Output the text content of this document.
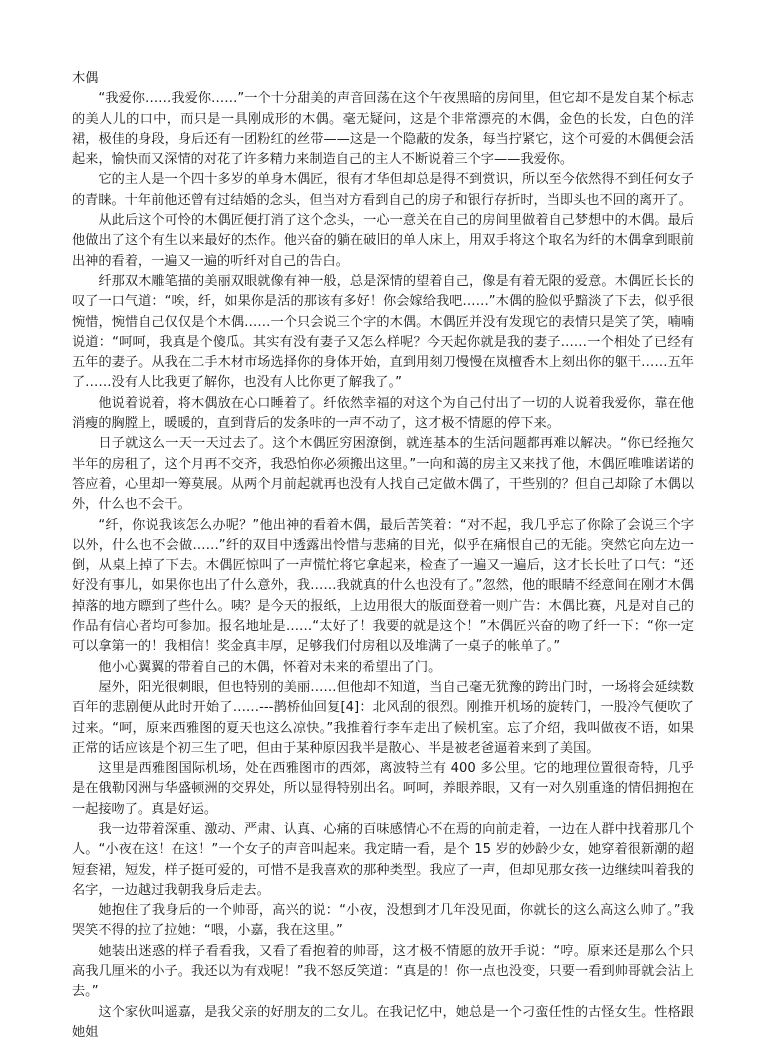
木偶

“我爱你……我爱你……”一个十分甜美的声音回荡在这个午夜黑暗的房间里，但它却不是发自某个标志的美人儿的口中，而只是一具刚成形的木偶。毫无疑问，这是个非常漂亮的木偶，金色的长发，白色的洋裙，极佳的身段，身后还有一团粉红的丝带——这是一个隐蔽的发条，每当拧紧它，这个可爱的木偶便会活起来，愉快而又深情的对花了许多精力来制造自己的主人不断说着三个字——我爱你。

它的主人是一个四十多岁的单身木偶匠，很有才华但却总是得不到赏识，所以至今依然得不到任何女子的青睐。十年前他还曾有过结婚的念头，但当对方看到自己的房子和银行存折时，当即头也不回的离开了。

从此后这个可怜的木偶匠便打消了这个念头，一心一意关在自己的房间里做着自己梦想中的木偶。最后他做出了这个有生以来最好的杰作。他兴奋的躺在破旧的单人床上，用双手将这个取名为纤的木偶拿到眼前出神的看着，一遍又一遍的听纤对自己的告白。

纤那双木雕笔描的美丽双眼就像有神一般，总是深情的望着自己，像是有着无限的爱意。木偶匠长长的叹了一口气道：“唉，纤，如果你是活的那该有多好！你会嫁给我吧……”木偶的脸似乎黯淡了下去，似乎很惋惜，惋惜自己仅仅是个木偶……一个只会说三个字的木偶。木偶匠并没有发现它的表情只是笑了笑，喃喃说道：“呵呵，我真是个傻瓜。其实有没有妻子又怎么样呢？今天起你就是我的妻子……一个相处了已经有五年的妻子。从我在二手木材市场选择你的身体开始，直到用刻刀慢慢在岚檀香木上刻出你的躯干……五年了……没有人比我更了解你，也没有人比你更了解我了。”

他说着说着，将木偶放在心口睡着了。纤依然幸福的对这个为自己付出了一切的人说着我爱你，靠在他消瘦的胸膛上，暖暖的，直到背后的发条咔的一声不动了，这才极不情愿的停下来。

日子就这么一天一天过去了。这个木偶匠穷困潦倒，就连基本的生活问题都再难以解决。“你已经拖欠半年的房租了，这个月再不交齐，我恐怕你必须搬出这里。”一向和蔼的房主又来找了他，木偶匠唯唯诺诺的答应着，心里却一筹莫展。从两个月前起就再也没有人找自己定做木偶了，干些别的？但自己却除了木偶以外，什么也不会干。

“纤，你说我该怎么办呢？”他出神的看着木偶，最后苦笑着：“对不起，我几乎忘了你除了会说三个字以外，什么也不会做……”纤的双目中透露出怜惜与悲痛的目光，似乎在痛恨自己的无能。突然它向左边一倒，从桌上掉了下去。木偶匠惊叫了一声慌忙将它拿起来，检查了一遍又一遍后，这才长长吐了口气：“还好没有事儿，如果你也出了什么意外，我……我就真的什么也没有了。”忽然，他的眼睛不经意间在刚才木偶掉落的地方瞟到了些什么。咦？是今天的报纸，上边用很大的版面登着一则广告：木偶比赛，凡是对自己的作品有信心者均可参加。报名地址是……“太好了！我要的就是这个！”木偶匠兴奋的吻了纤一下：“你一定可以拿第一的！我相信！奖金真丰厚，足够我们付房租以及堆满了一桌子的帐单了。”

他小心翼翼的带着自己的木偶，怀着对未来的希望出了门。

屋外，阳光很刺眼，但也特别的美丽……但他却不知道，当自己毫无犹豫的跨出门时，一场将会延续数百年的悲剧便从此时开始了……---鹊桥仙回复[4]：北风刮的很烈。刚推开机场的旋转门，一股冷气便吹了过来。“呵，原来西雅图的夏天也这么凉快。”我推着行李车走出了候机室。忘了介绍，我叫做夜不语，如果正常的话应该是个初三生了吧，但由于某种原因我半是散心、半是被老爸逼着来到了美国。

这里是西雅图国际机场，处在西雅图市的西郊，离波特兰有 400 多公里。它的地理位置很奇特，几乎是在俄勒冈洲与华盛顿洲的交界处，所以显得特别出名。呵呵，养眼养眼，又有一对久别重逢的情侣拥抱在一起接吻了。真是好运。

我一边带着深重、激动、严肃、认真、心痛的百味感情心不在焉的向前走着，一边在人群中找着那几个人。“小夜在这！在这！”一个女子的声音叫起来。我定睛一看，是个 15 岁的妙龄少女，她穿着很新潮的超短套裙，短发，样子挺可爱的，可惜不是我喜欢的那种类型。我应了一声，但却见那女孩一边继续叫着我的名字，一边越过我朝我身后走去。

她抱住了我身后的一个帅哥，高兴的说：“小夜，没想到才几年没见面，你就长的这么高这么帅了。”我哭笑不得的拉了拉她：“喂，小嘉，我在这里。”

她装出迷惑的样子看看我，又看了看抱着的帅哥，这才极不情愿的放开手说：“哼。原来还是那么个只高我几厘米的小子。我还以为有戏呢！”我不怒反笑道：“真是的！你一点也没变，只要一看到帅哥就会沾上去。”

这个家伙叫遥嘉，是我父亲的好朋友的二女儿。在我记忆中，她总是一个刁蛮任性的古怪女生。性格跟她姐
